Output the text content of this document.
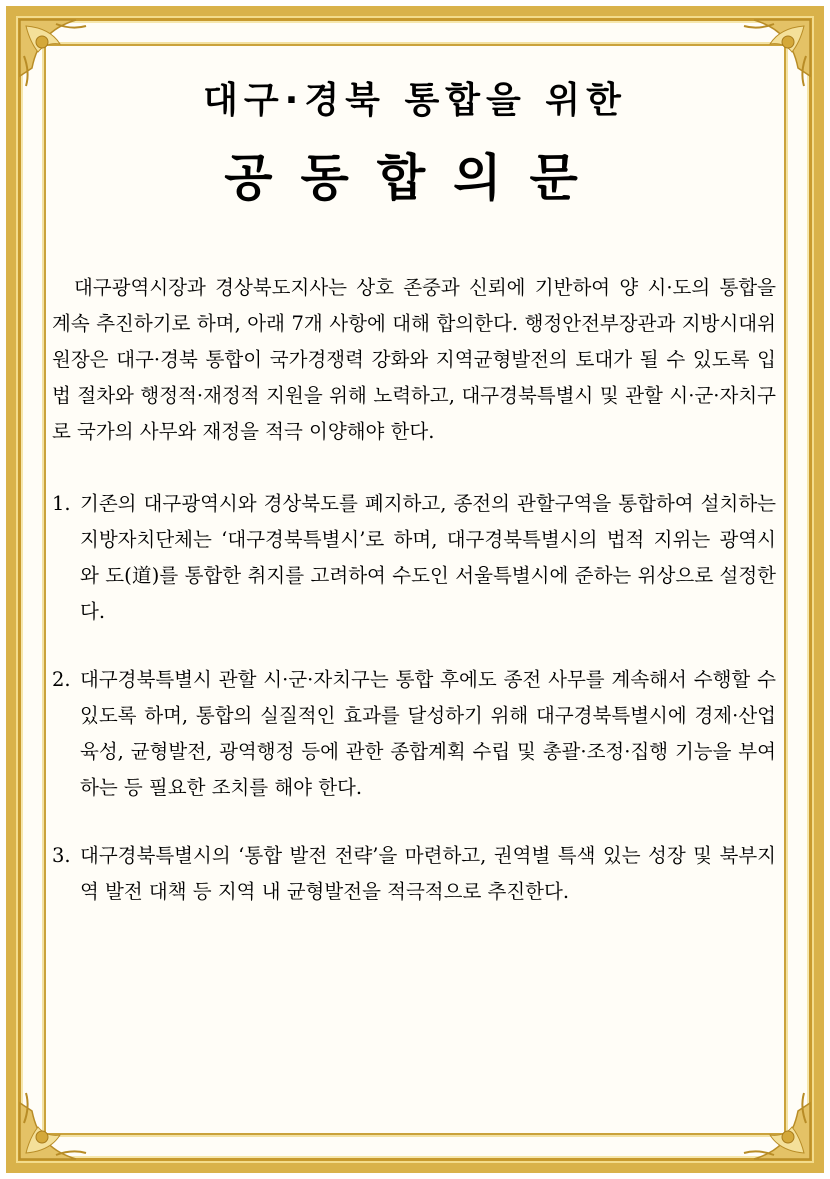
대구·경북 통합을 위한
공동합의문

대구광역시장과 경상북도지사는 상호 존중과 신뢰에 기반하여 양 시·도의 통합을 계속 추진하기로 하며, 아래 7개 사항에 대해 합의한다. 행정안전부장관과 지방시대위원장은 대구·경북 통합이 국가경쟁력 강화와 지역균형발전의 토대가 될 수 있도록 입법 절차와 행정적·재정적 지원을 위해 노력하고, 대구경북특별시 및 관할 시·군·자치구로 국가의 사무와 재정을 적극 이양해야 한다.

1. 기존의 대구광역시와 경상북도를 폐지하고, 종전의 관할구역을 통합하여 설치하는 지방자치단체는 ‘대구경북특별시’로 하며, 대구경북특별시의 법적 지위는 광역시와 도(道)를 통합한 취지를 고려하여 수도인 서울특별시에 준하는 위상으로 설정한다.
2. 대구경북특별시 관할 시·군·자치구는 통합 후에도 종전 사무를 계속해서 수행할 수 있도록 하며, 통합의 실질적인 효과를 달성하기 위해 대구경북특별시에 경제·산업 육성, 균형발전, 광역행정 등에 관한 종합계획 수립 및 총괄·조정·집행 기능을 부여하는 등 필요한 조치를 해야 한다.
3. 대구경북특별시의 ‘통합 발전 전략’을 마련하고, 권역별 특색 있는 성장 및 북부지역 발전 대책 등 지역 내 균형발전을 적극적으로 추진한다.
